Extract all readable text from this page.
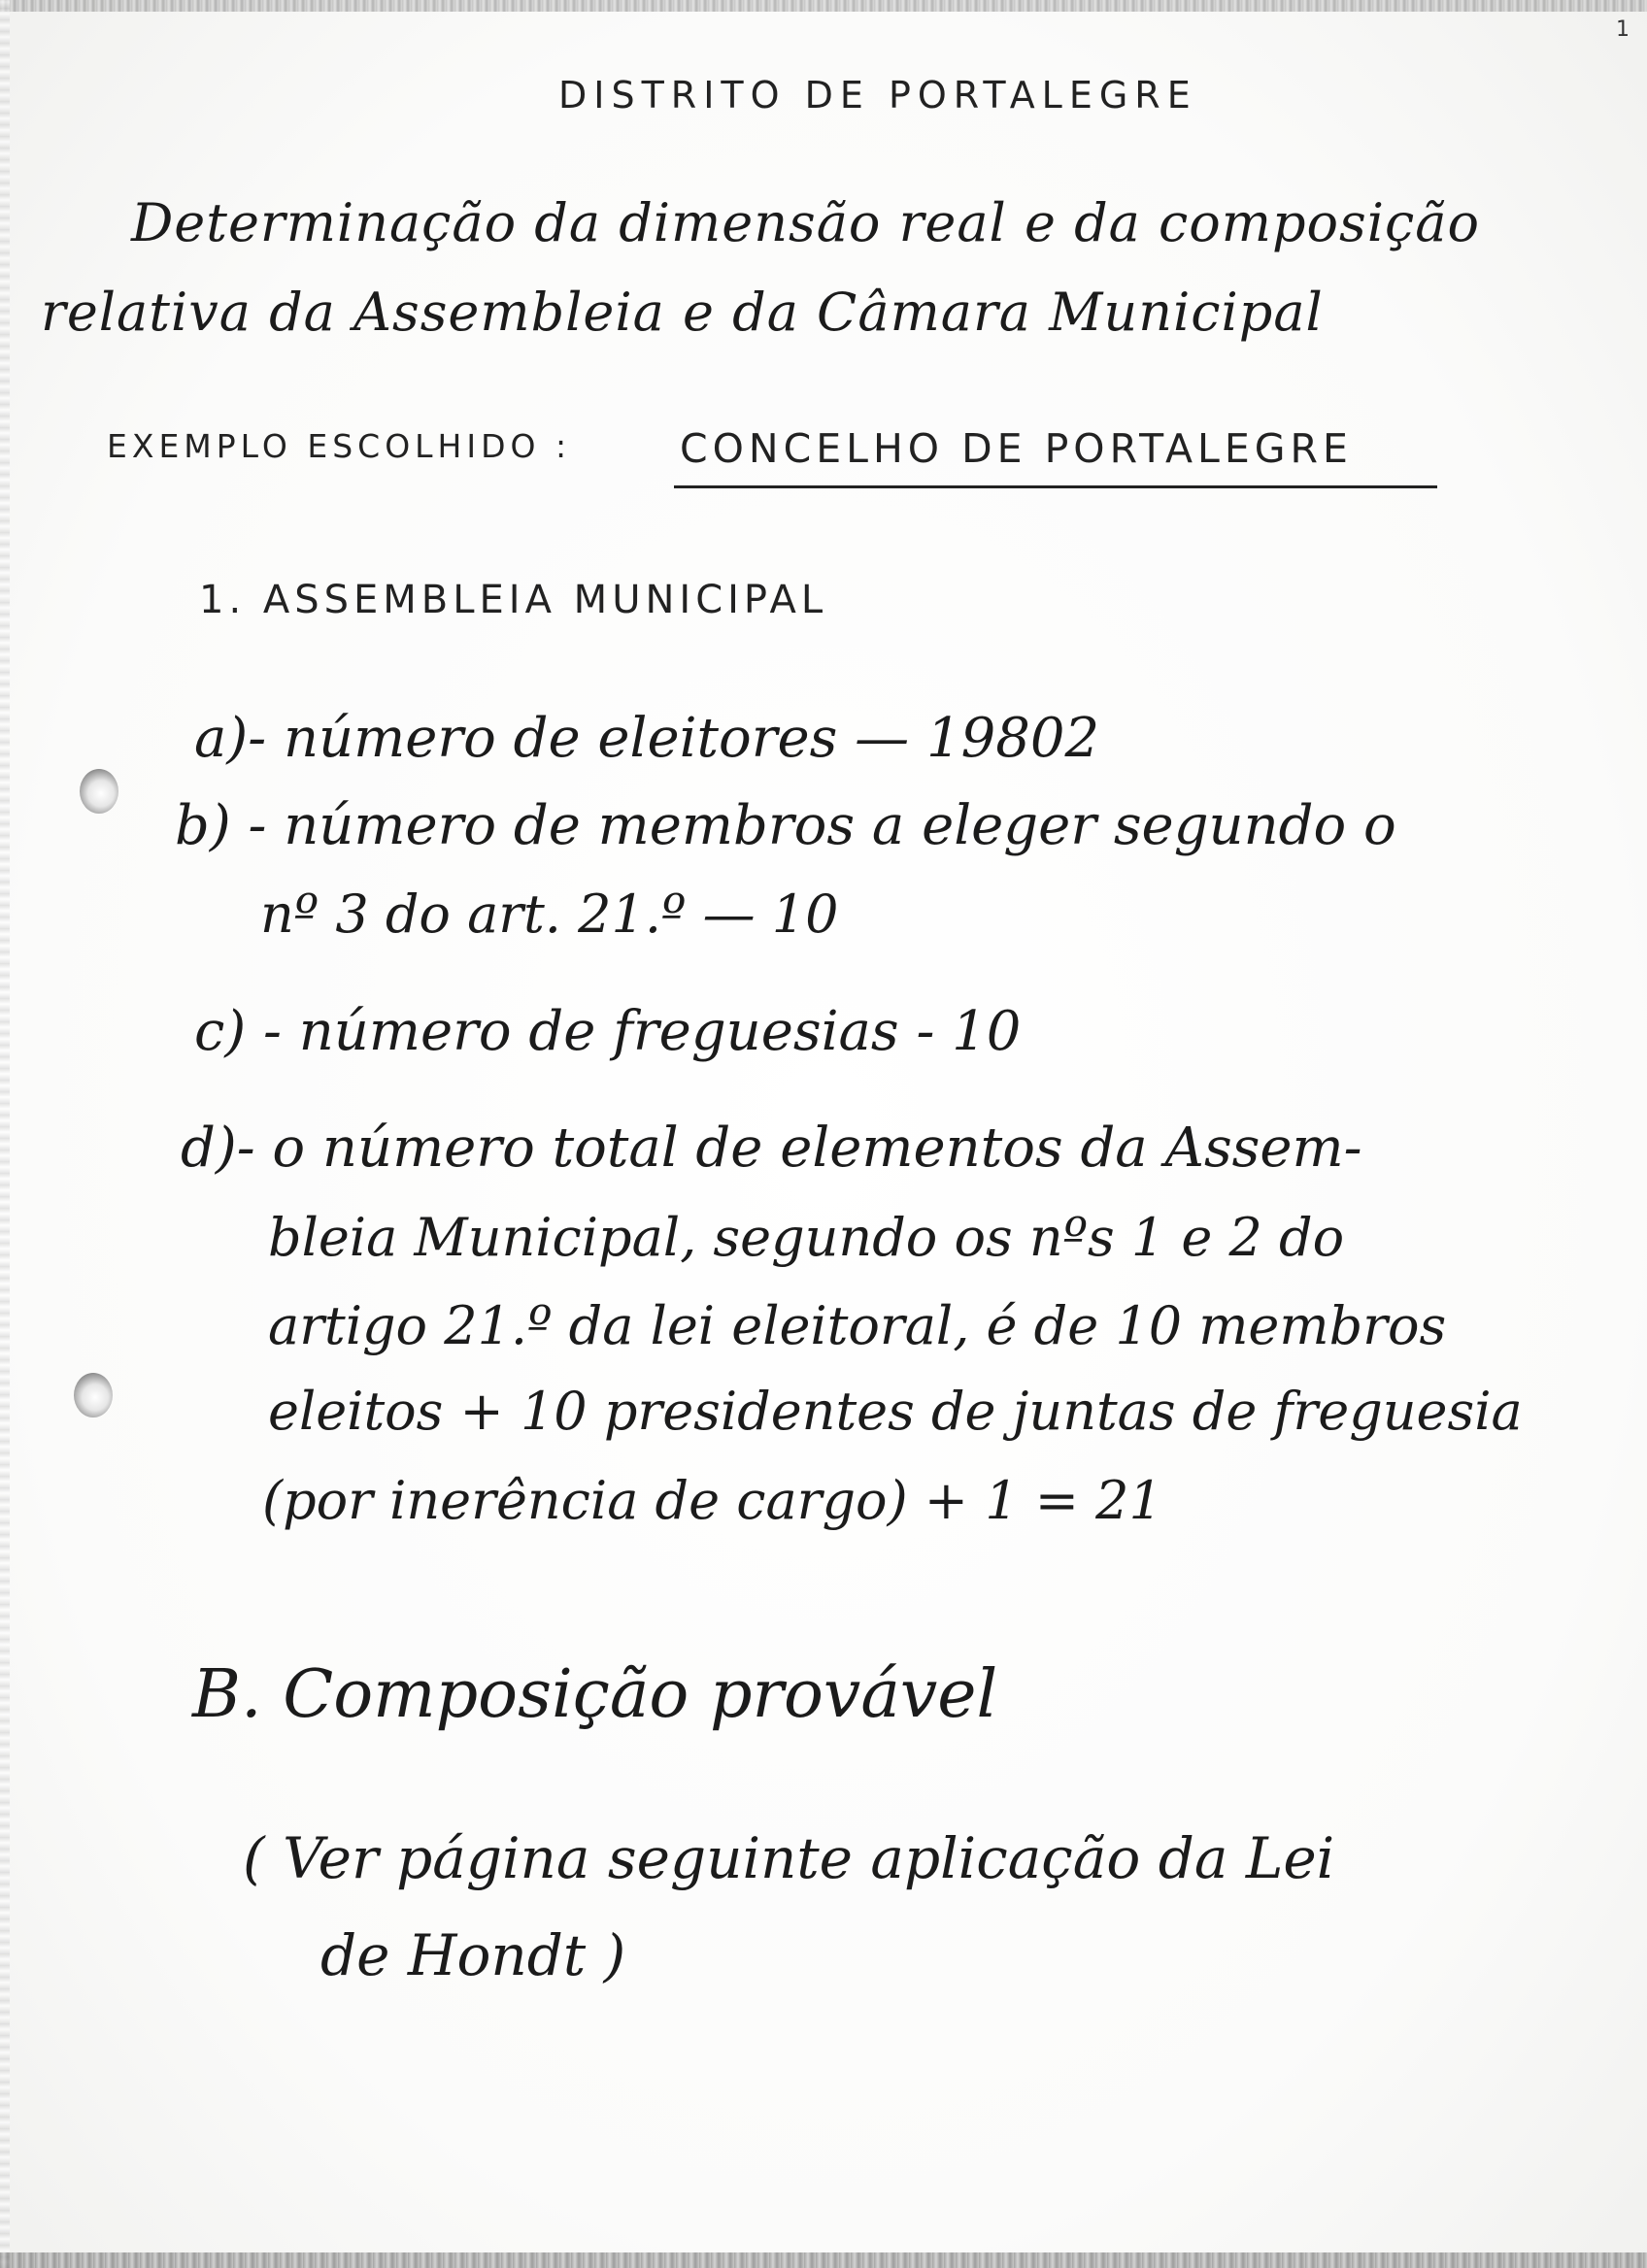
1
DISTRITO DE PORTALEGRE
Determinação da dimensão real e da composição
relativa da Assembleia e da Câmara Municipal
EXEMPLO ESCOLHIDO :	CONCELHO DE PORTALEGRE
1. ASSEMBLEIA MUNICIPAL
a)- número de eleitores — 19802
b) - número de membros a eleger segundo o
nº 3 do art. 21.º — 10
c) - número de freguesias - 10
d)- o número total de elementos da Assem-
bleia Municipal, segundo os nºs 1 e 2 do
artigo 21.º da lei eleitoral, é de 10 membros
eleitos + 10 presidentes de juntas de freguesia
(por inerência de cargo) + 1 = 21
B. Composição provável
( Ver página seguinte aplicação da Lei
de Hondt )
